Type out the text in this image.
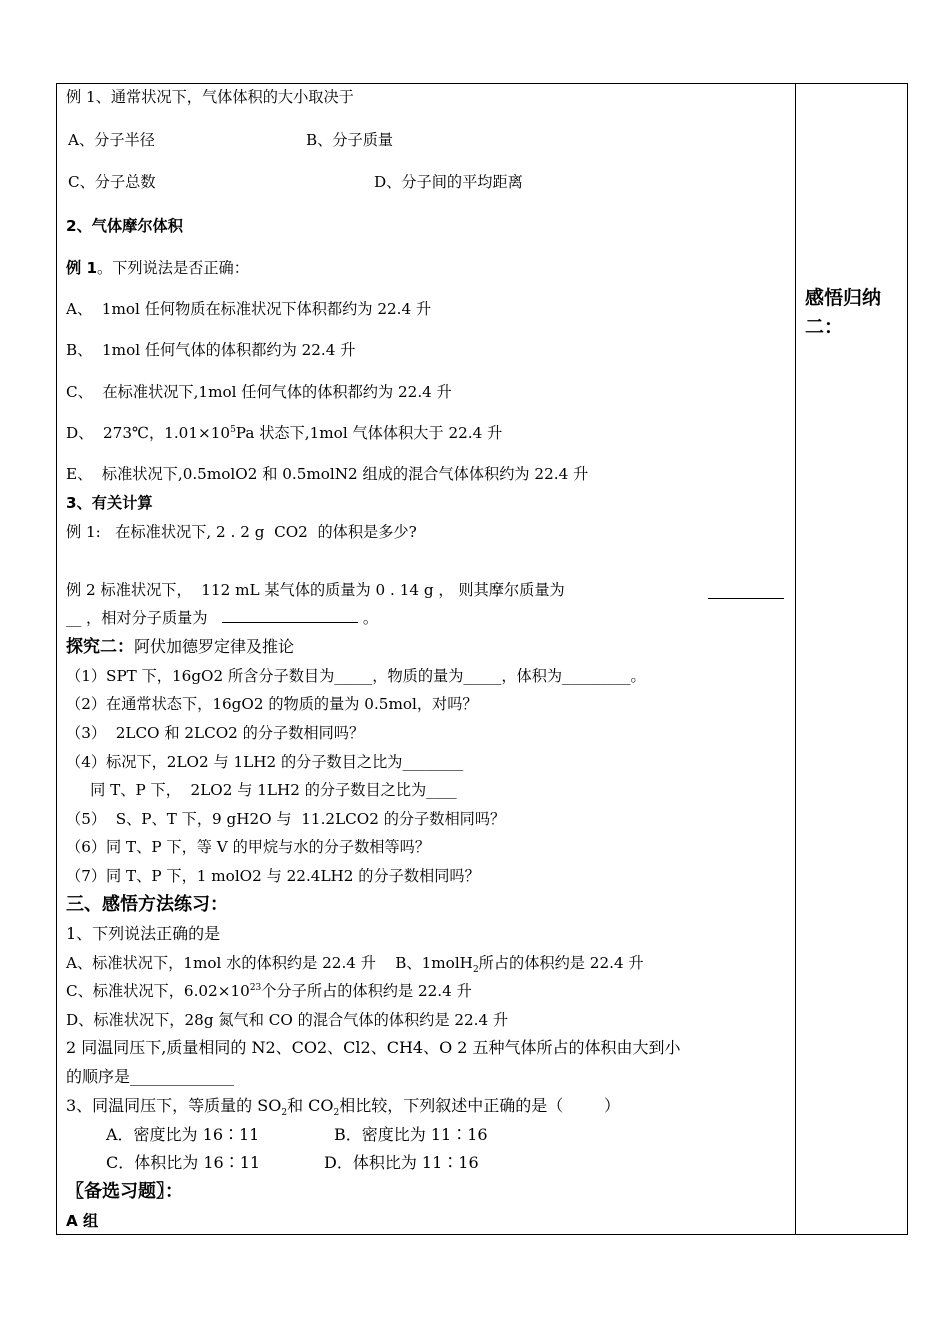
感悟归纳二：
例 1、通常状况下，气体体积的大小取决于
A、分子半径	B、分子质量
C、分子总数	D、分子间的平均距离
2、气体摩尔体积
例 1。下列说法是否正确：
A、  1mol 任何物质在标准状况下体积都约为 22.4 升
B、  1mol 任何气体的体积都约为 22.4 升
C、  在标准状况下,1mol 任何气体的体积都约为 22.4 升
D、  273℃，$1.01\times 10^5Pa$ 状态下,1mol 气体体积大于 22.4 升
E、  标准状况下,0.5molO2 和 0.5molN2 组成的混合气体体积约为 22.4 升
3、有关计算
例 1:   在标准状况下, 2 . 2 g  CO2  的体积是多少?
例 2 标准状况下，  112 mL 某气体的质量为 0 . 14 g ， 则其摩尔质量为
__ ，相对分子质量为	。
探究二：阿伏加德罗定律及推论
（1）SPT 下，16gO2 所含分子数目为_____，物质的量为_____，体积为_________。
（2）在通常状态下，16gO2 的物质的量为 0.5mol，对吗？
（3）  2LCO 和 2LCO2 的分子数相同吗？
（4）标况下，2LO2 与 1LH2 的分子数目之比为________
同 T、P 下，  2LO2 与 1LH2 的分子数目之比为____
（5）  S、P、T 下，9 gH2O 与  11.2LCO2 的分子数相同吗？
（6）同 T、P 下，等 V 的甲烷与水的分子数相等吗？
（7）同 T、P 下，1 molO2 与 22.4LH2 的分子数相同吗？
三、感悟方法练习：
1、下列说法正确的是
A、标准状况下，1mol 水的体积约是 22.4 升    B、1molH$_2$所占的体积约是 22.4 升
C、标准状况下，$6.02\times 10^{23}$个分子所占的体积约是 22.4 升
D、标准状况下，28g 氮气和 CO 的混合气体的体积约是 22.4 升
2 同温同压下,质量相同的 N2、CO2、Cl2、CH4、O 2 五种气体所占的体积由大到小
的顺序是_____________
3、同温同压下，等质量的 $SO_2$和 $CO_2$相比较，下列叙述中正确的是（        ）
A．密度比为 16∶11	B．密度比为 11∶16
C．体积比为 16∶11	D．体积比为 11∶16
〖备选习题〗：
A 组
